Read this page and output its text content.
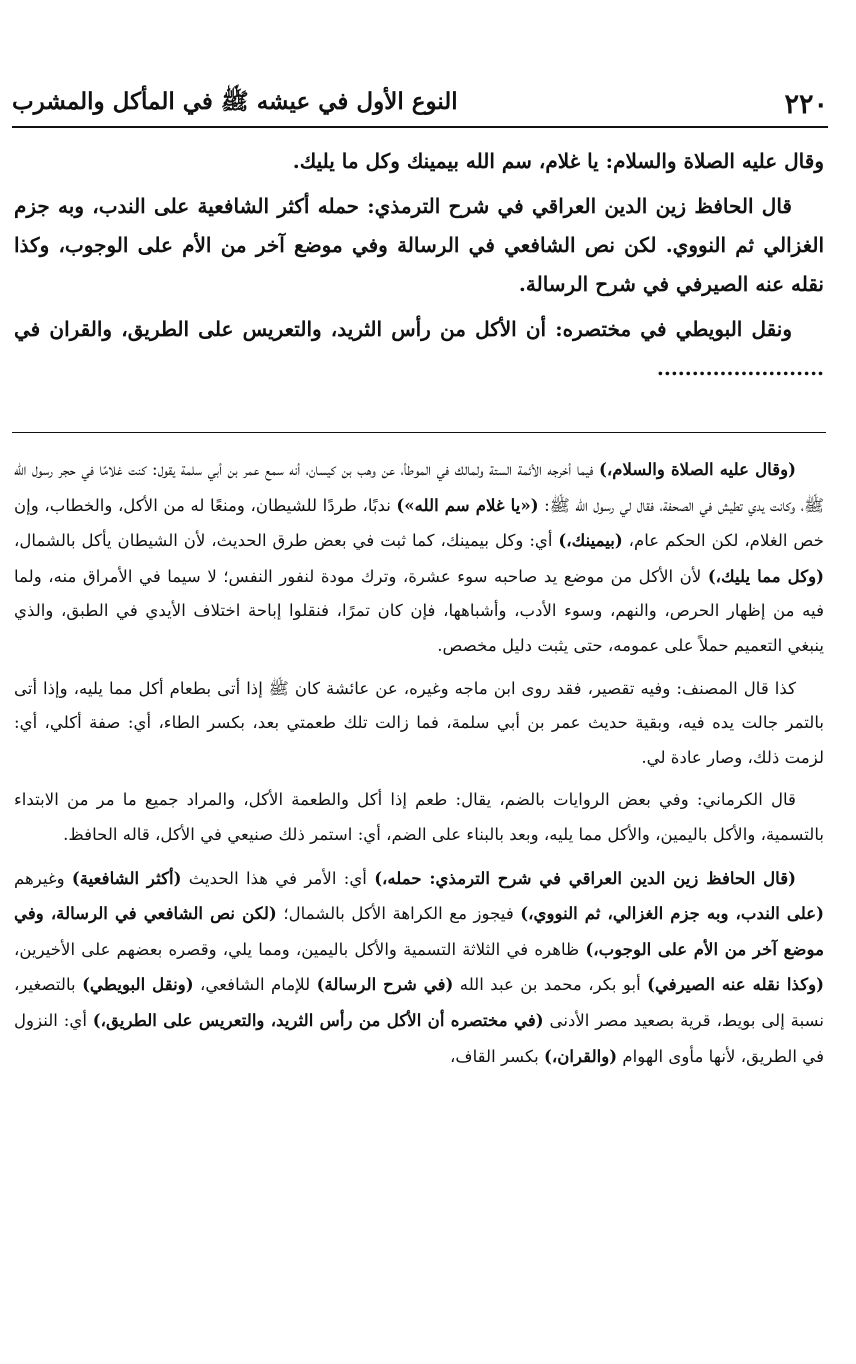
٢٢٠
النوع الأول في عيشه ﷺ في المأكل والمشرب

وقال عليه الصلاة والسلام: يا غلام، سم الله بيمينك وكل ما يليك.

قال الحافظ زين الدين العراقي في شرح الترمذي: حمله أكثر الشافعية على الندب، وبه جزم الغزالي ثم النووي. لكن نص الشافعي في الرسالة وفي موضع آخر من الأم على الوجوب، وكذا نقله عنه الصيرفي في شرح الرسالة.

ونقل البويطي في مختصره: أن الأكل من رأس الثريد، والتعريس على الطريق، والقران في ........................

(وقال عليه الصلاة والسلام،) فيما أخرجه الأئمة الستة ولمالك في الموطأ، عن وهب بن كيسان، أنه سمع عمر بن أبي سلمة يقول: كنت غلامًا في حجر رسول الله ﷺ، وكانت يدي تطيش في الصحفة، فقال لي رسول الله ﷺ: («يا غلام سم الله») ندبًا، طردًا للشيطان، ومنعًا له من الأكل، والخطاب، وإن خص الغلام، لكن الحكم عام، (بيمينك،) أي: وكل بيمينك، كما ثبت في بعض طرق الحديث، لأن الشيطان يأكل بالشمال، (وكل مما يليك،) لأن الأكل من موضع يد صاحبه سوء عشرة، وترك مودة لنفور النفس؛ لا سيما في الأمراق منه، ولما فيه من إظهار الحرص، والنهم، وسوء الأدب، وأشباهها، فإن كان تمرًا، فنقلوا إباحة اختلاف الأيدي في الطبق، والذي ينبغي التعميم حملاً على عمومه، حتى يثبت دليل مخصص.

كذا قال المصنف: وفيه تقصير، فقد روى ابن ماجه وغيره، عن عائشة كان ﷺ إذا أتى بطعام أكل مما يليه، وإذا أتى بالتمر جالت يده فيه، وبقية حديث عمر بن أبي سلمة، فما زالت تلك طعمتي بعد، بكسر الطاء، أي: صفة أكلي، أي: لزمت ذلك، وصار عادة لي.

قال الكرماني: وفي بعض الروايات بالضم، يقال: طعم إذا أكل والطعمة الأكل، والمراد جميع ما مر من الابتداء بالتسمية، والأكل باليمين، والأكل مما يليه، وبعد بالبناء على الضم، أي: استمر ذلك صنيعي في الأكل، قاله الحافظ.

(قال الحافظ زين الدين العراقي في شرح الترمذي: حمله،) أي: الأمر في هذا الحديث (أكثر الشافعية) وغيرهم (على الندب، وبه جزم الغزالي، ثم النووي،) فيجوز مع الكراهة الأكل بالشمال؛ (لكن نص الشافعي في الرسالة، وفي موضع آخر من الأم على الوجوب،) ظاهره في الثلاثة التسمية والأكل باليمين، ومما يلي، وقصره بعضهم على الأخيرين، (وكذا نقله عنه الصيرفي) أبو بكر، محمد بن عبد الله (في شرح الرسالة) للإمام الشافعي، (ونقل البويطي) بالتصغير، نسبة إلى بويط، قرية بصعيد مصر الأدنى (في مختصره أن الأكل من رأس الثريد، والتعريس على الطريق،) أي: النزول في الطريق، لأنها مأوى الهوام (والقران،) بكسر القاف،
